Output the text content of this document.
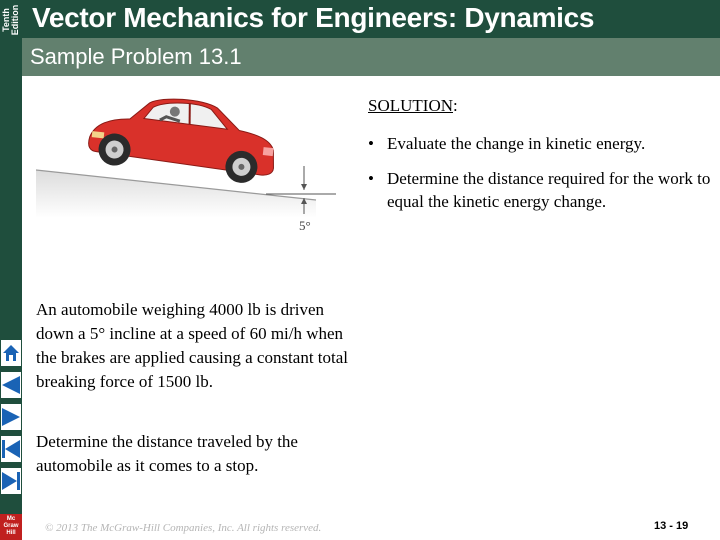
Tenth Edition Vector Mechanics for Engineers: Dynamics
Sample Problem 13.1
Mc
Graw
Hill
5°
SOLUTION:
• Evaluate the change in kinetic energy.
• Determine the distance required for the work to equal the kinetic energy change.

An automobile weighing 4000 lb is driven down a 5° incline at a speed of 60 mi/h when the brakes are applied causing a constant total breaking force of 1500 lb.

Determine the distance traveled by the automobile as it comes to a stop.

© 2013 The McGraw-Hill Companies, Inc. All rights reserved.	13 - 19
